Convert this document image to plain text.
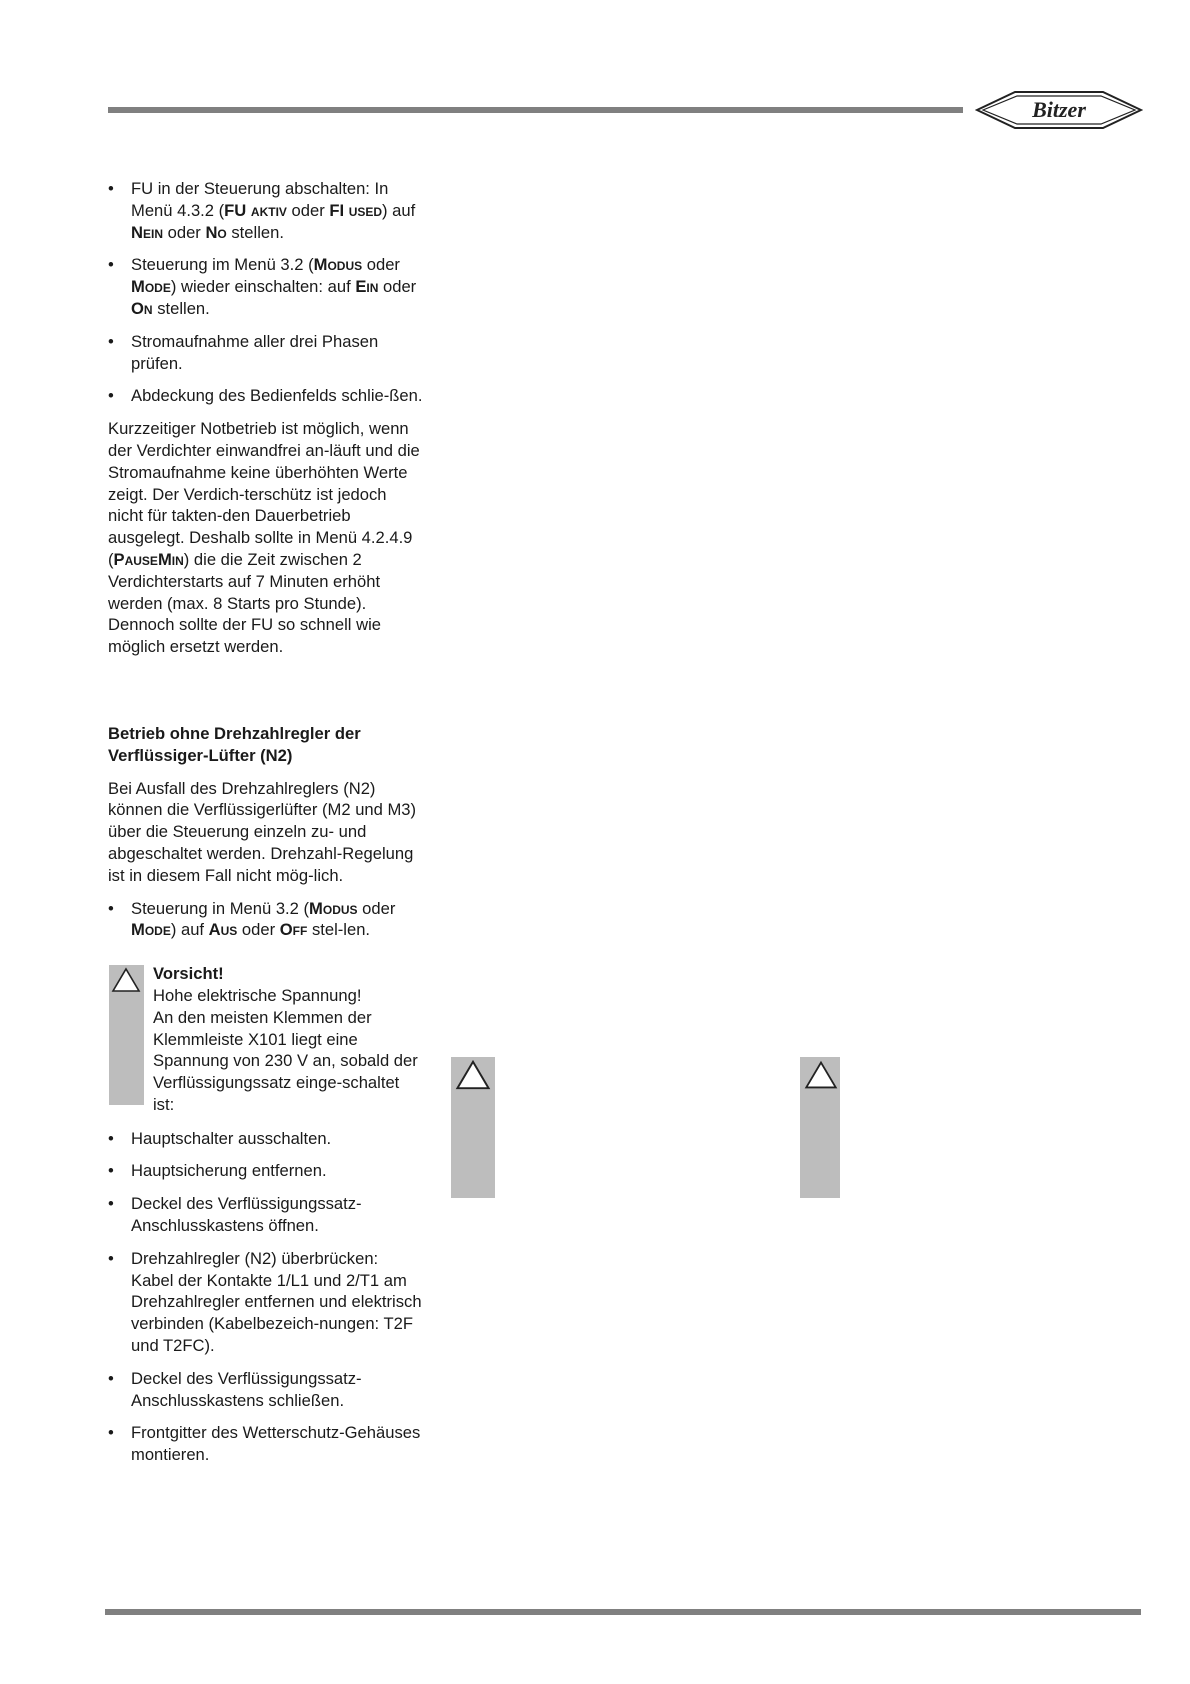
Bitzer
•	FU in der Steuerung abschalten: In Menü 4.3.2 (FU aktiv oder FI used) auf Nein oder No stellen.
•	Steuerung im Menü 3.2 (Modus oder Mode) wieder einschalten: auf Ein oder On stellen.
•	Stromaufnahme aller drei Phasen prüfen.
•	Abdeckung des Bedienfelds schlie-ßen.

Kurzzeitiger Notbetrieb ist möglich, wenn der Verdichter einwandfrei an-läuft und die Stromaufnahme keine überhöhten Werte zeigt. Der Verdich-terschütz ist jedoch nicht für takten-den Dauerbetrieb ausgelegt. Deshalb sollte in Menü 4.2.4.9 (PauseMin) die die Zeit zwischen 2 Verdichterstarts auf 7 Minuten erhöht werden (max. 8 Starts pro Stunde). Dennoch sollte der FU so schnell wie möglich ersetzt werden.

Betrieb ohne Drehzahlregler der Verflüssiger-Lüfter (N2)

Bei Ausfall des Drehzahlreglers (N2) können die Verflüssigerlüfter (M2 und M3) über die Steuerung einzeln zu- und abgeschaltet werden. Drehzahl-Regelung ist in diesem Fall nicht mög-lich.

•	Steuerung in Menü 3.2 (Modus oder Mode) auf Aus oder Off stel-len.
Vorsicht!
Hohe elektrische Spannung!
An den meisten Klemmen der Klemmleiste X101 liegt eine Spannung von 230 V an, sobald der Verflüssigungssatz einge-schaltet ist:
•	Hauptschalter ausschalten.
•	Hauptsicherung entfernen.
•	Deckel des Verflüssigungssatz-Anschlusskastens öffnen.
•	Drehzahlregler (N2) überbrücken: Kabel der Kontakte 1/L1 und 2/T1 am Drehzahlregler entfernen und elektrisch verbinden (Kabelbezeich-nungen: T2F und T2FC).
•	Deckel des Verflüssigungssatz-Anschlusskastens schließen.
•	Frontgitter des Wetterschutz-Gehäuses montieren.
